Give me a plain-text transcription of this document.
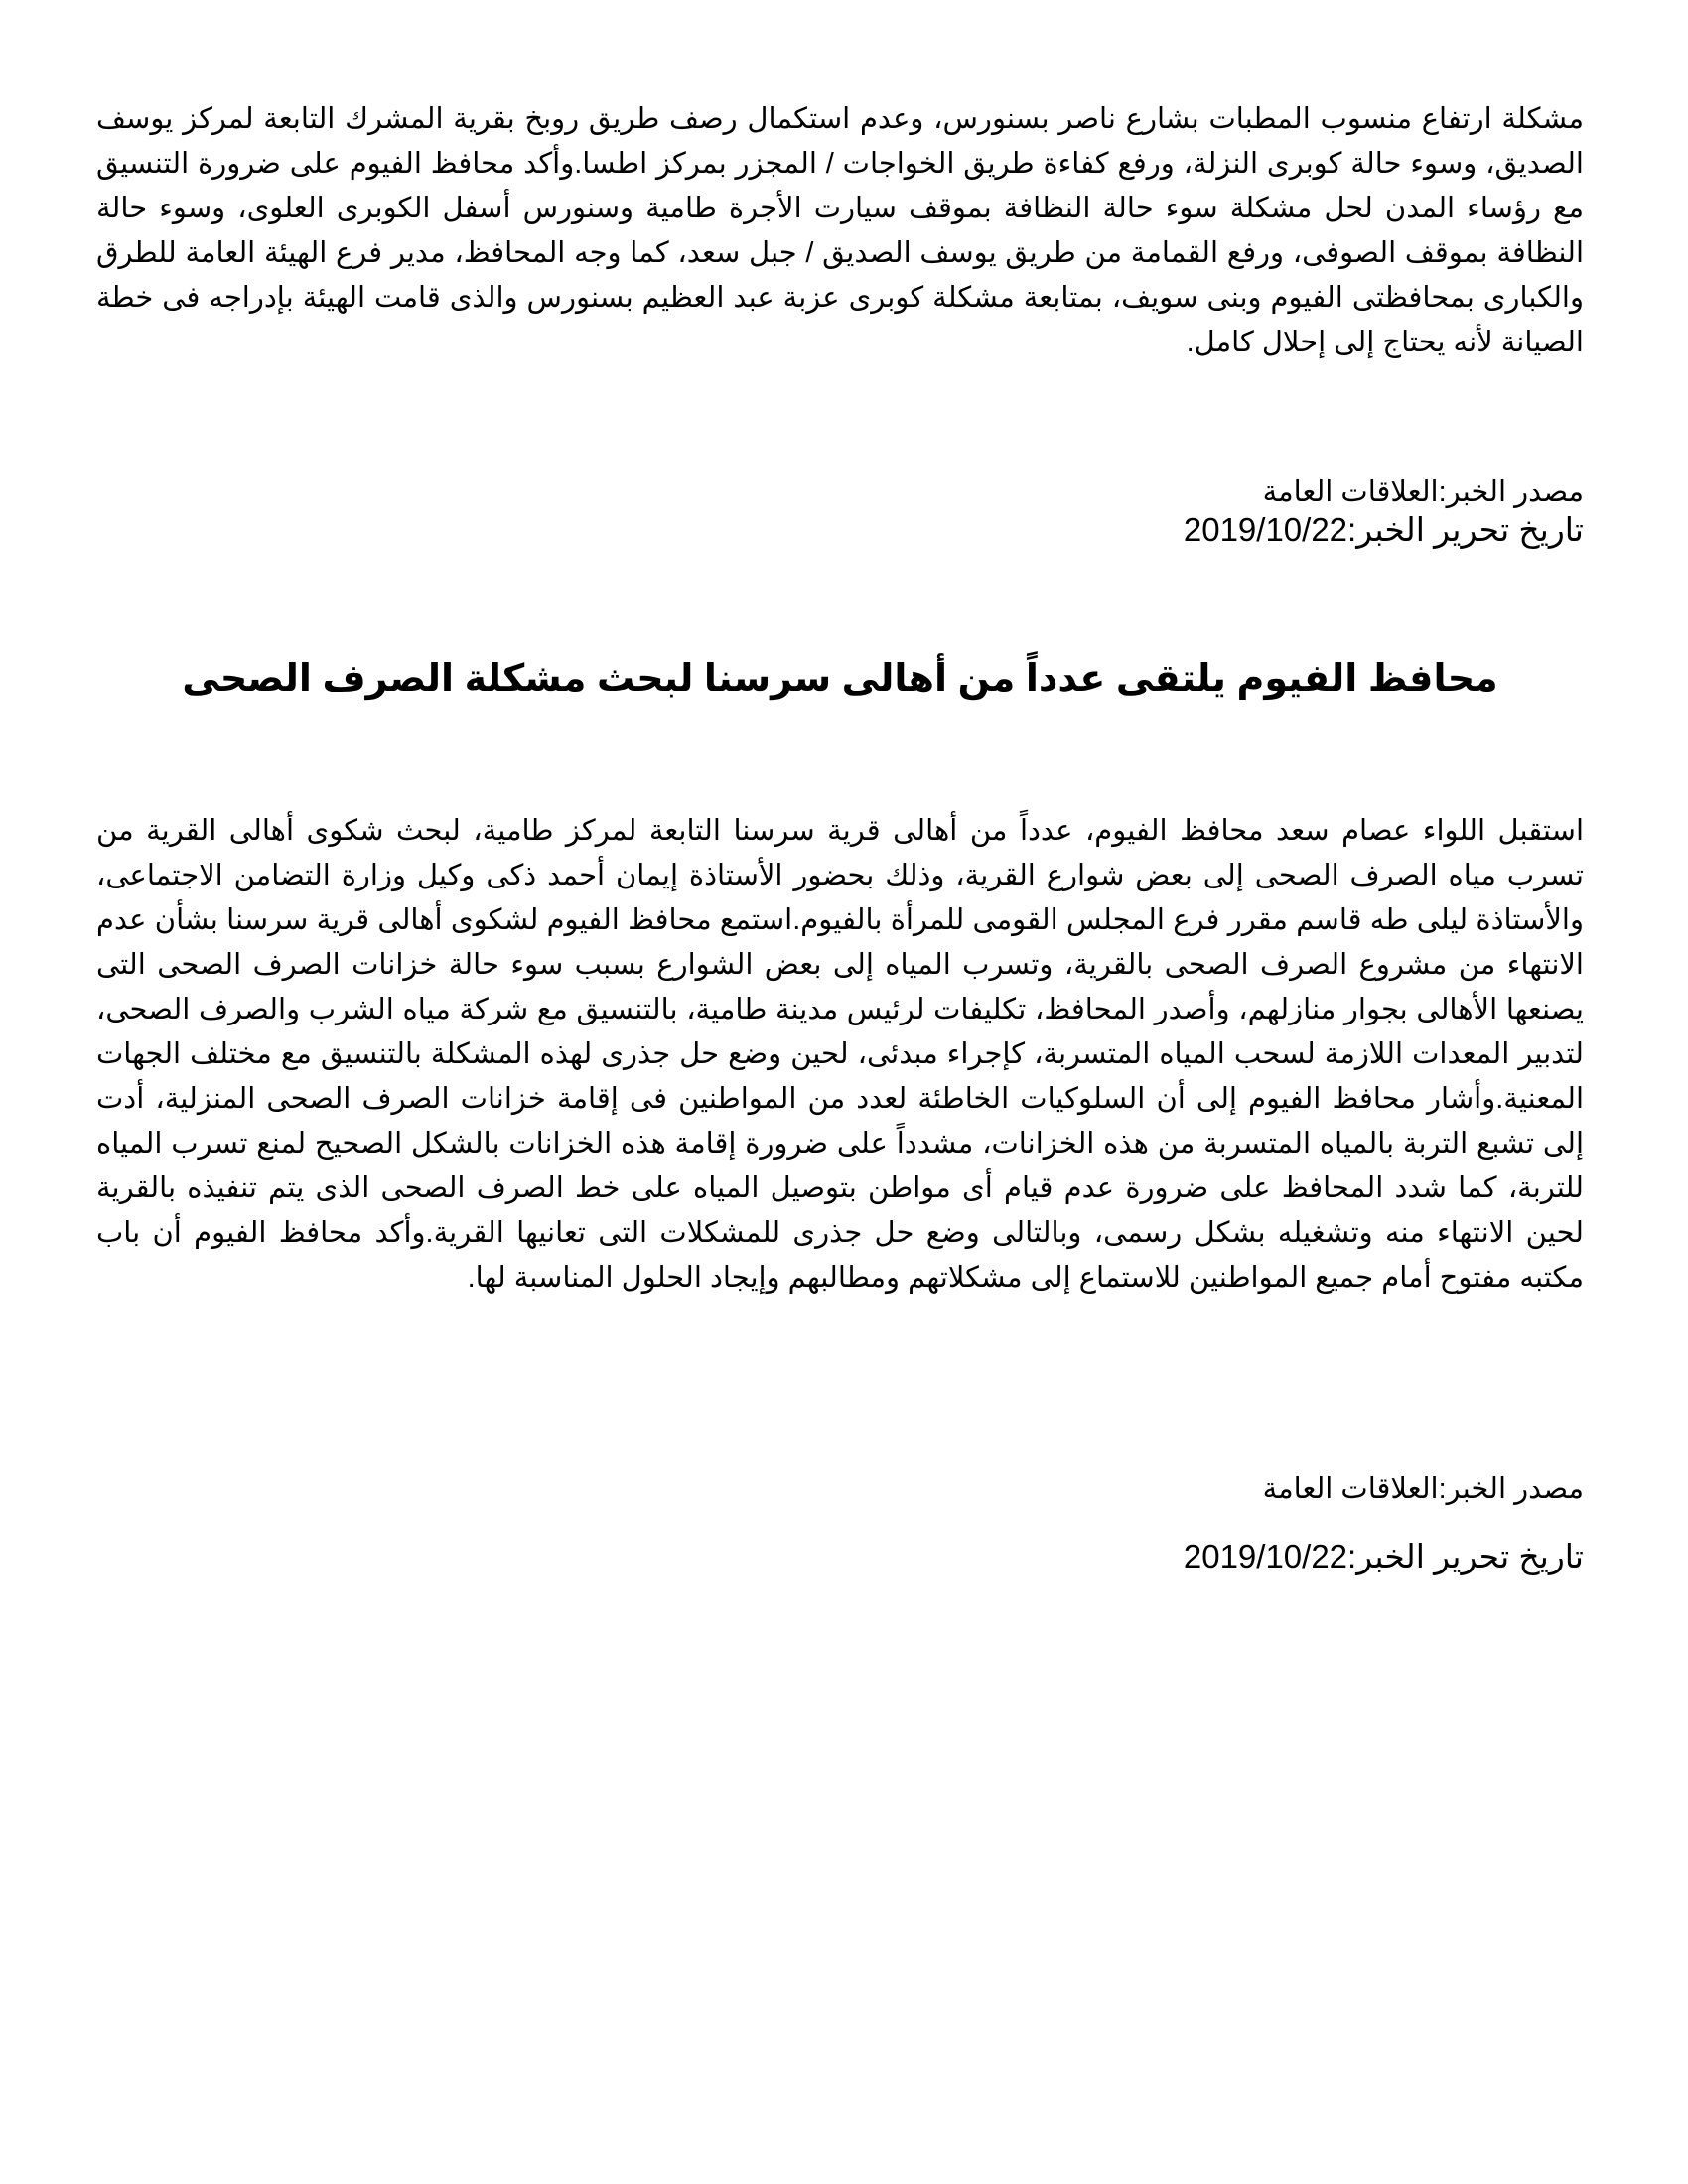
مشكلة ارتفاع منسوب المطبات بشارع ناصر بسنورس، وعدم استكمال رصف طريق روبخ بقرية المشرك التابعة لمركز يوسف الصديق، وسوء حالة كوبرى النزلة، ورفع كفاءة طريق الخواجات / المجزر بمركز اطسا.وأكد محافظ الفيوم على ضرورة التنسيق مع رؤساء المدن لحل مشكلة سوء حالة النظافة بموقف سيارت الأجرة طامية وسنورس أسفل الكوبرى العلوى، وسوء حالة النظافة بموقف الصوفى، ورفع القمامة من طريق يوسف الصديق / جبل سعد، كما وجه المحافظ، مدير فرع الهيئة العامة للطرق والكبارى بمحافظتى الفيوم وبنى سويف، بمتابعة مشكلة كوبرى عزبة عبد العظيم بسنورس والذى قامت الهيئة بإدراجه فى خطة الصيانة لأنه يحتاج إلى إحلال كامل.

مصدر الخبر:العلاقات العامة

تاريخ تحرير الخبر:2019/10/22

محافظ الفيوم يلتقى عدداً من أهالى سرسنا لبحث مشكلة الصرف الصحى

استقبل اللواء عصام سعد محافظ الفيوم، عدداً من أهالى قرية سرسنا التابعة لمركز طامية، لبحث شكوى أهالى القرية من تسرب مياه الصرف الصحى إلى بعض شوارع القرية، وذلك بحضور الأستاذة إيمان أحمد ذكى وكيل وزارة التضامن الاجتماعى، والأستاذة ليلى طه قاسم مقرر فرع المجلس القومى للمرأة بالفيوم.استمع محافظ الفيوم لشكوى أهالى قرية سرسنا بشأن عدم الانتهاء من مشروع الصرف الصحى بالقرية، وتسرب المياه إلى بعض الشوارع بسبب سوء حالة خزانات الصرف الصحى التى يصنعها الأهالى بجوار منازلهم، وأصدر المحافظ، تكليفات لرئيس مدينة طامية، بالتنسيق مع شركة مياه الشرب والصرف الصحى، لتدبير المعدات اللازمة لسحب المياه المتسربة، كإجراء مبدئى، لحين وضع حل جذرى لهذه المشكلة بالتنسيق مع مختلف الجهات المعنية.وأشار محافظ الفيوم إلى أن السلوكيات الخاطئة لعدد من المواطنين فى إقامة خزانات الصرف الصحى المنزلية، أدت إلى تشبع التربة بالمياه المتسربة من هذه الخزانات، مشدداً على ضرورة إقامة هذه الخزانات بالشكل الصحيح لمنع تسرب المياه للتربة، كما شدد المحافظ على ضرورة عدم قيام أى مواطن بتوصيل المياه على خط الصرف الصحى الذى يتم تنفيذه بالقرية لحين الانتهاء منه وتشغيله بشكل رسمى، وبالتالى وضع حل جذرى للمشكلات التى تعانيها القرية.وأكد محافظ الفيوم أن باب مكتبه مفتوح أمام جميع المواطنين للاستماع إلى مشكلاتهم ومطالبهم وإيجاد الحلول المناسبة لها.

مصدر الخبر:العلاقات العامة

تاريخ تحرير الخبر:2019/10/22
